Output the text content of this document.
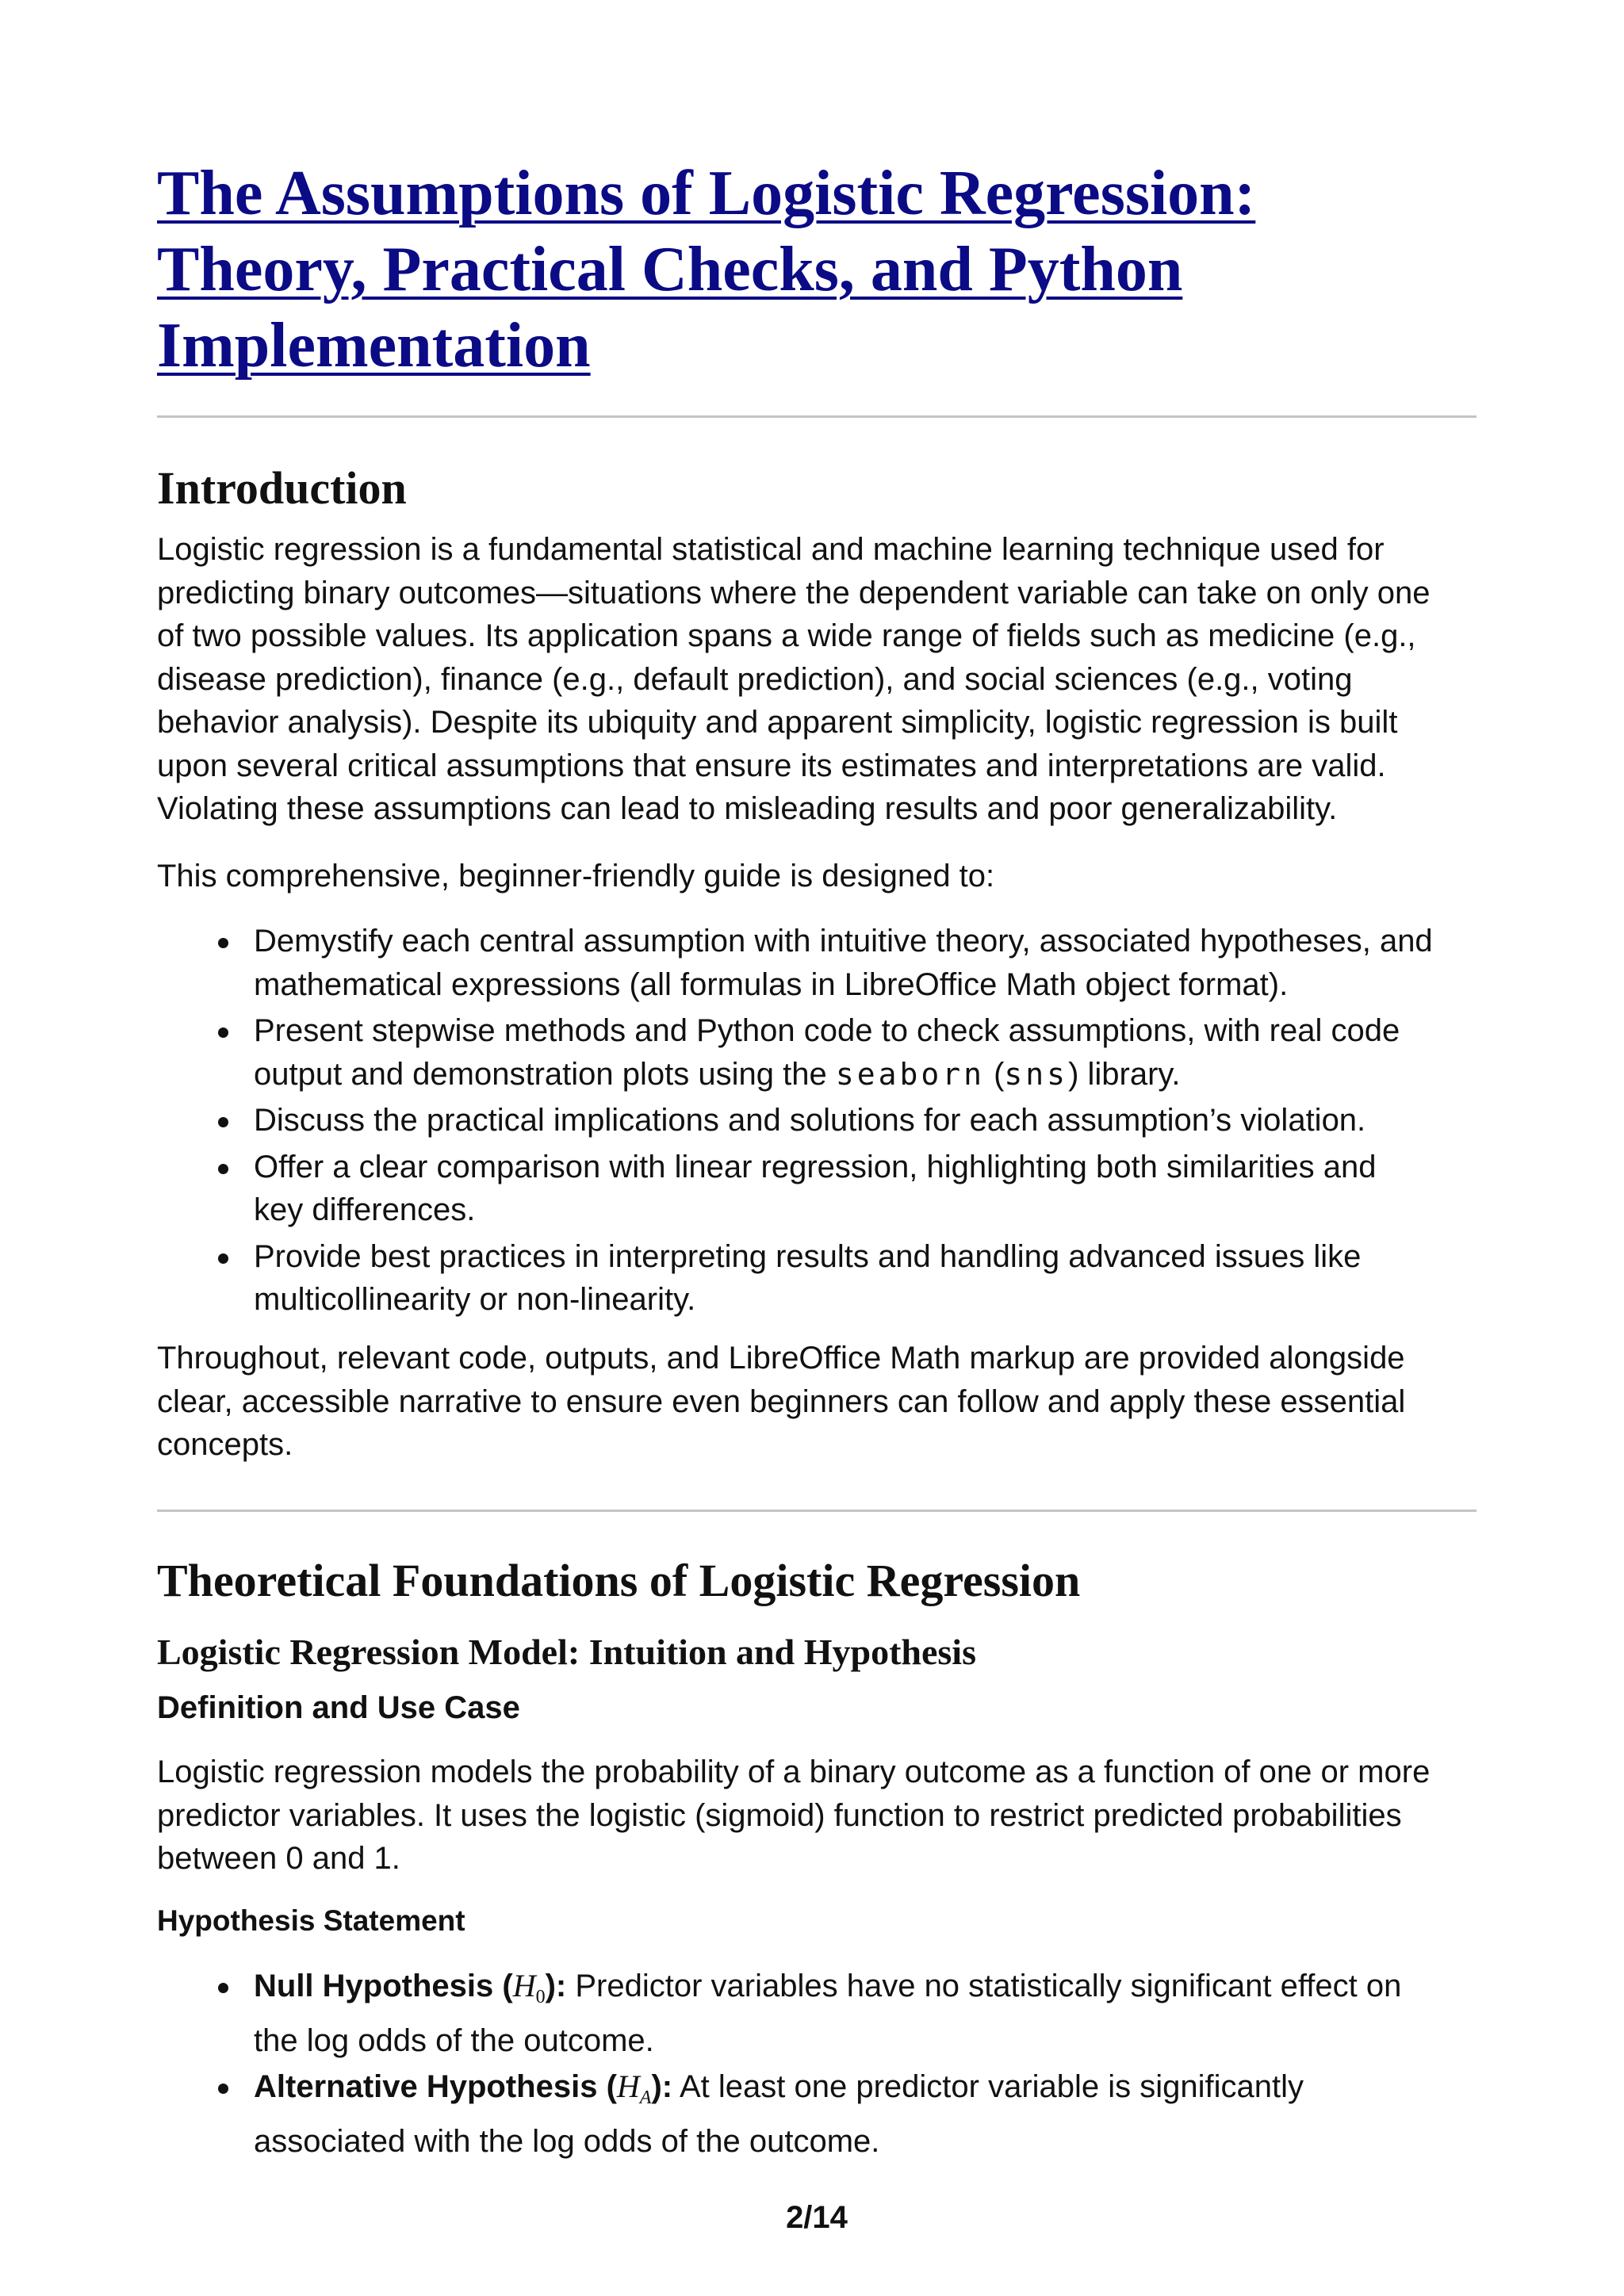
The Assumptions of Logistic Regression:
Theory, Practical Checks, and Python
Implementation
Introduction

Logistic regression is a fundamental statistical and machine learning technique used for
predicting binary outcomes—situations where the dependent variable can take on only one
of two possible values. Its application spans a wide range of fields such as medicine (e.g.,
disease prediction), finance (e.g., default prediction), and social sciences (e.g., voting
behavior analysis). Despite its ubiquity and apparent simplicity, logistic regression is built
upon several critical assumptions that ensure its estimates and interpretations are valid.
Violating these assumptions can lead to misleading results and poor generalizability.

This comprehensive, beginner-friendly guide is designed to:

Demystify each central assumption with intuitive theory, associated hypotheses, and
mathematical expressions (all formulas in LibreOffice Math object format).
Present stepwise methods and Python code to check assumptions, with real code
output and demonstration plots using the seaborn (sns) library.
Discuss the practical implications and solutions for each assumption’s violation.
Offer a clear comparison with linear regression, highlighting both similarities and
key differences.
Provide best practices in interpreting results and handling advanced issues like
multicollinearity or non-linearity.

Throughout, relevant code, outputs, and LibreOffice Math markup are provided alongside
clear, accessible narrative to ensure even beginners can follow and apply these essential
concepts.

Theoretical Foundations of Logistic Regression
Logistic Regression Model: Intuition and Hypothesis
Definition and Use Case

Logistic regression models the probability of a binary outcome as a function of one or more
predictor variables. It uses the logistic (sigmoid) function to restrict predicted probabilities
between 0 and 1.

Hypothesis Statement
Null Hypothesis $(H_0)$: Predictor variables have no statistically significant effect on
the log odds of the outcome.
Alternative Hypothesis $(H_A)$: At least one predictor variable is significantly
associated with the log odds of the outcome.
2/14
